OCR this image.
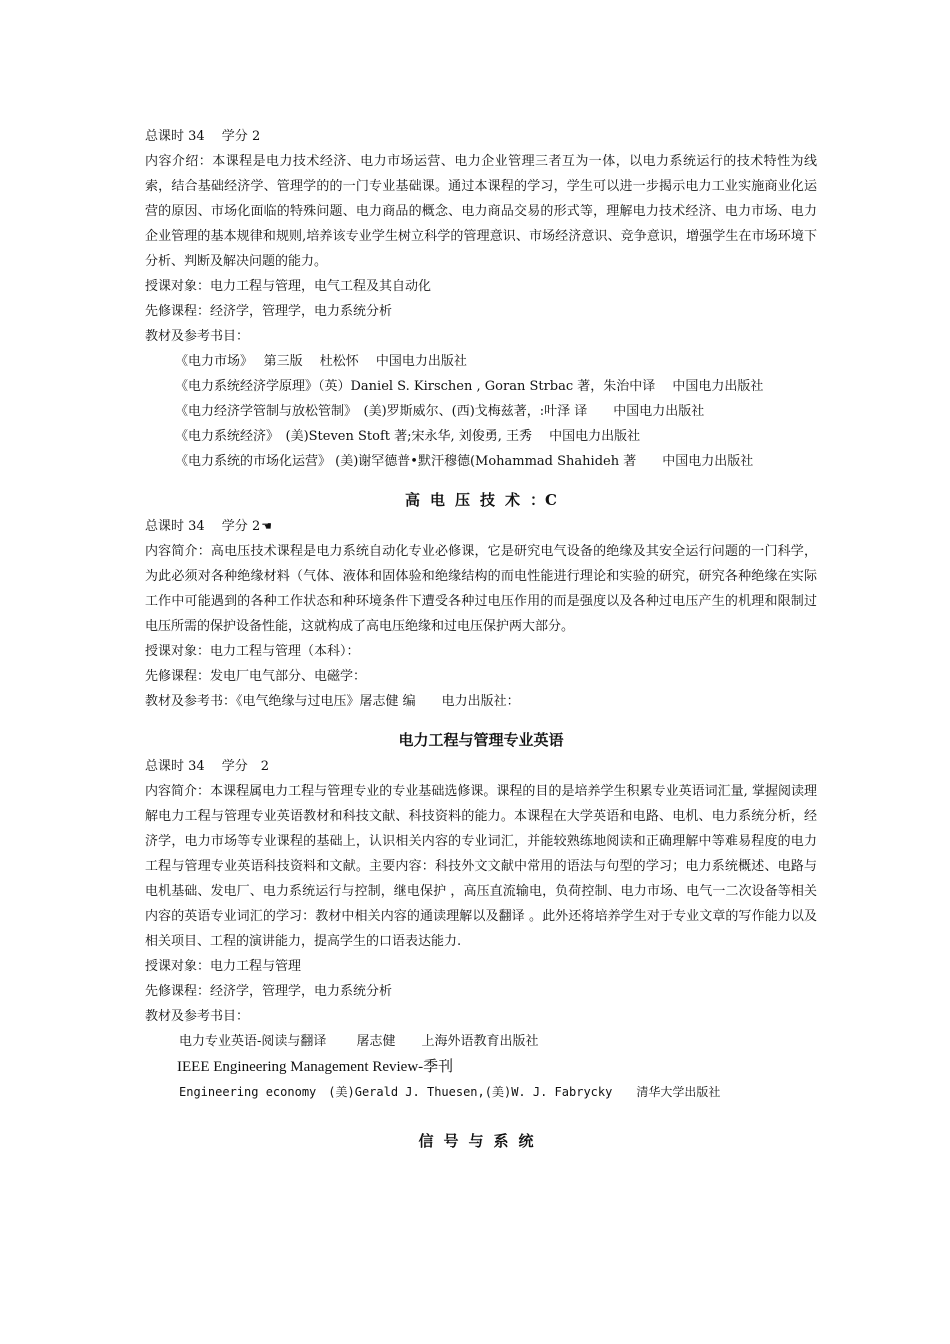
总课时 34　 学分 2
内容介绍：本课程是电力技术经济、电力市场运营、电力企业管理三者互为一体，以电力系统运行的技术特性为线索，结合基础经济学、管理学的的一门专业基础课。通过本课程的学习，学生可以进一步揭示电力工业实施商业化运营的原因、市场化面临的特殊问题、电力商品的概念、电力商品交易的形式等，理解电力技术经济、电力市场、电力企业管理的基本规律和规则,培养该专业学生树立科学的管理意识、市场经济意识、竞争意识，增强学生在市场环境下分析、判断及解决问题的能力。
授课对象：电力工程与管理，电气工程及其自动化
先修课程：经济学，管理学，电力系统分析
教材及参考书目：
《电力市场》　 第三版　 杜松怀　 中国电力出版社
《电力系统经济学原理》（英）Daniel S. Kirschen , Goran Strbac 著，朱治中译　 中国电力出版社
《电力经济学管制与放松管制》　(美)罗斯威尔、(西)戈梅兹著，:叶泽 译　　中国电力出版社
《电力系统经济》　(美)Steven Stoft 著;宋永华, 刘俊勇, 王秀　 中国电力出版社
《电力系统的市场化运营》 (美)谢罕德普•默汗穆德(Mohammad Shahideh 著　　中国电力出版社
高电压技术：C
总课时 34　 学分 2☚
内容简介：高电压技术课程是电力系统自动化专业必修课，它是研究电气设备的绝缘及其安全运行问题的一门科学，为此必须对各种绝缘材料（气体、液体和固体验和绝缘结构的而电性能进行理论和实验的研究，研究各种绝缘在实际工作中可能遇到的各种工作状态和种环境条件下遭受各种过电压作用的而是强度以及各种过电压产生的机理和限制过电压所需的保护设备性能，这就构成了高电压绝缘和过电压保护两大部分。
授课对象：电力工程与管理（本科）：
先修课程：发电厂电气部分、电磁学：
教材及参考书：《电气绝缘与过电压》屠志健 编　　电力出版社：
电力工程与管理专业英语
总课时 34　 学分　2
内容简介：本课程属电力工程与管理专业的专业基础选修课。课程的目的是培养学生积累专业英语词汇量, 掌握阅读理解电力工程与管理专业英语教材和科技文献、科技资料的能力。本课程在大学英语和电路、电机、电力系统分析，经济学，电力市场等专业课程的基础上，认识相关内容的专业词汇，并能较熟练地阅读和正确理解中等难易程度的电力工程与管理专业英语科技资料和文献。主要内容：科技外文文献中常用的语法与句型的学习；电力系统概述、电路与电机基础、发电厂、电力系统运行与控制，继电保护 ，高压直流输电，负荷控制、电力市场、电气一二次设备等相关内容的英语专业词汇的学习：教材中相关内容的通读理解以及翻译 。此外还将培养学生对于专业文章的写作能力以及相关项目、工程的演讲能力，提高学生的口语表达能力.
授课对象：电力工程与管理
先修课程：经济学，管理学，电力系统分析
教材及参考书目：
电力专业英语-阅读与翻译　　 屠志健　　上海外语教育出版社
IEEE Engineering Management Review-季刊
Engineering economy　(美)Gerald J. Thuesen,(美)W. J. Fabrycky　　清华大学出版社
信号与系统
